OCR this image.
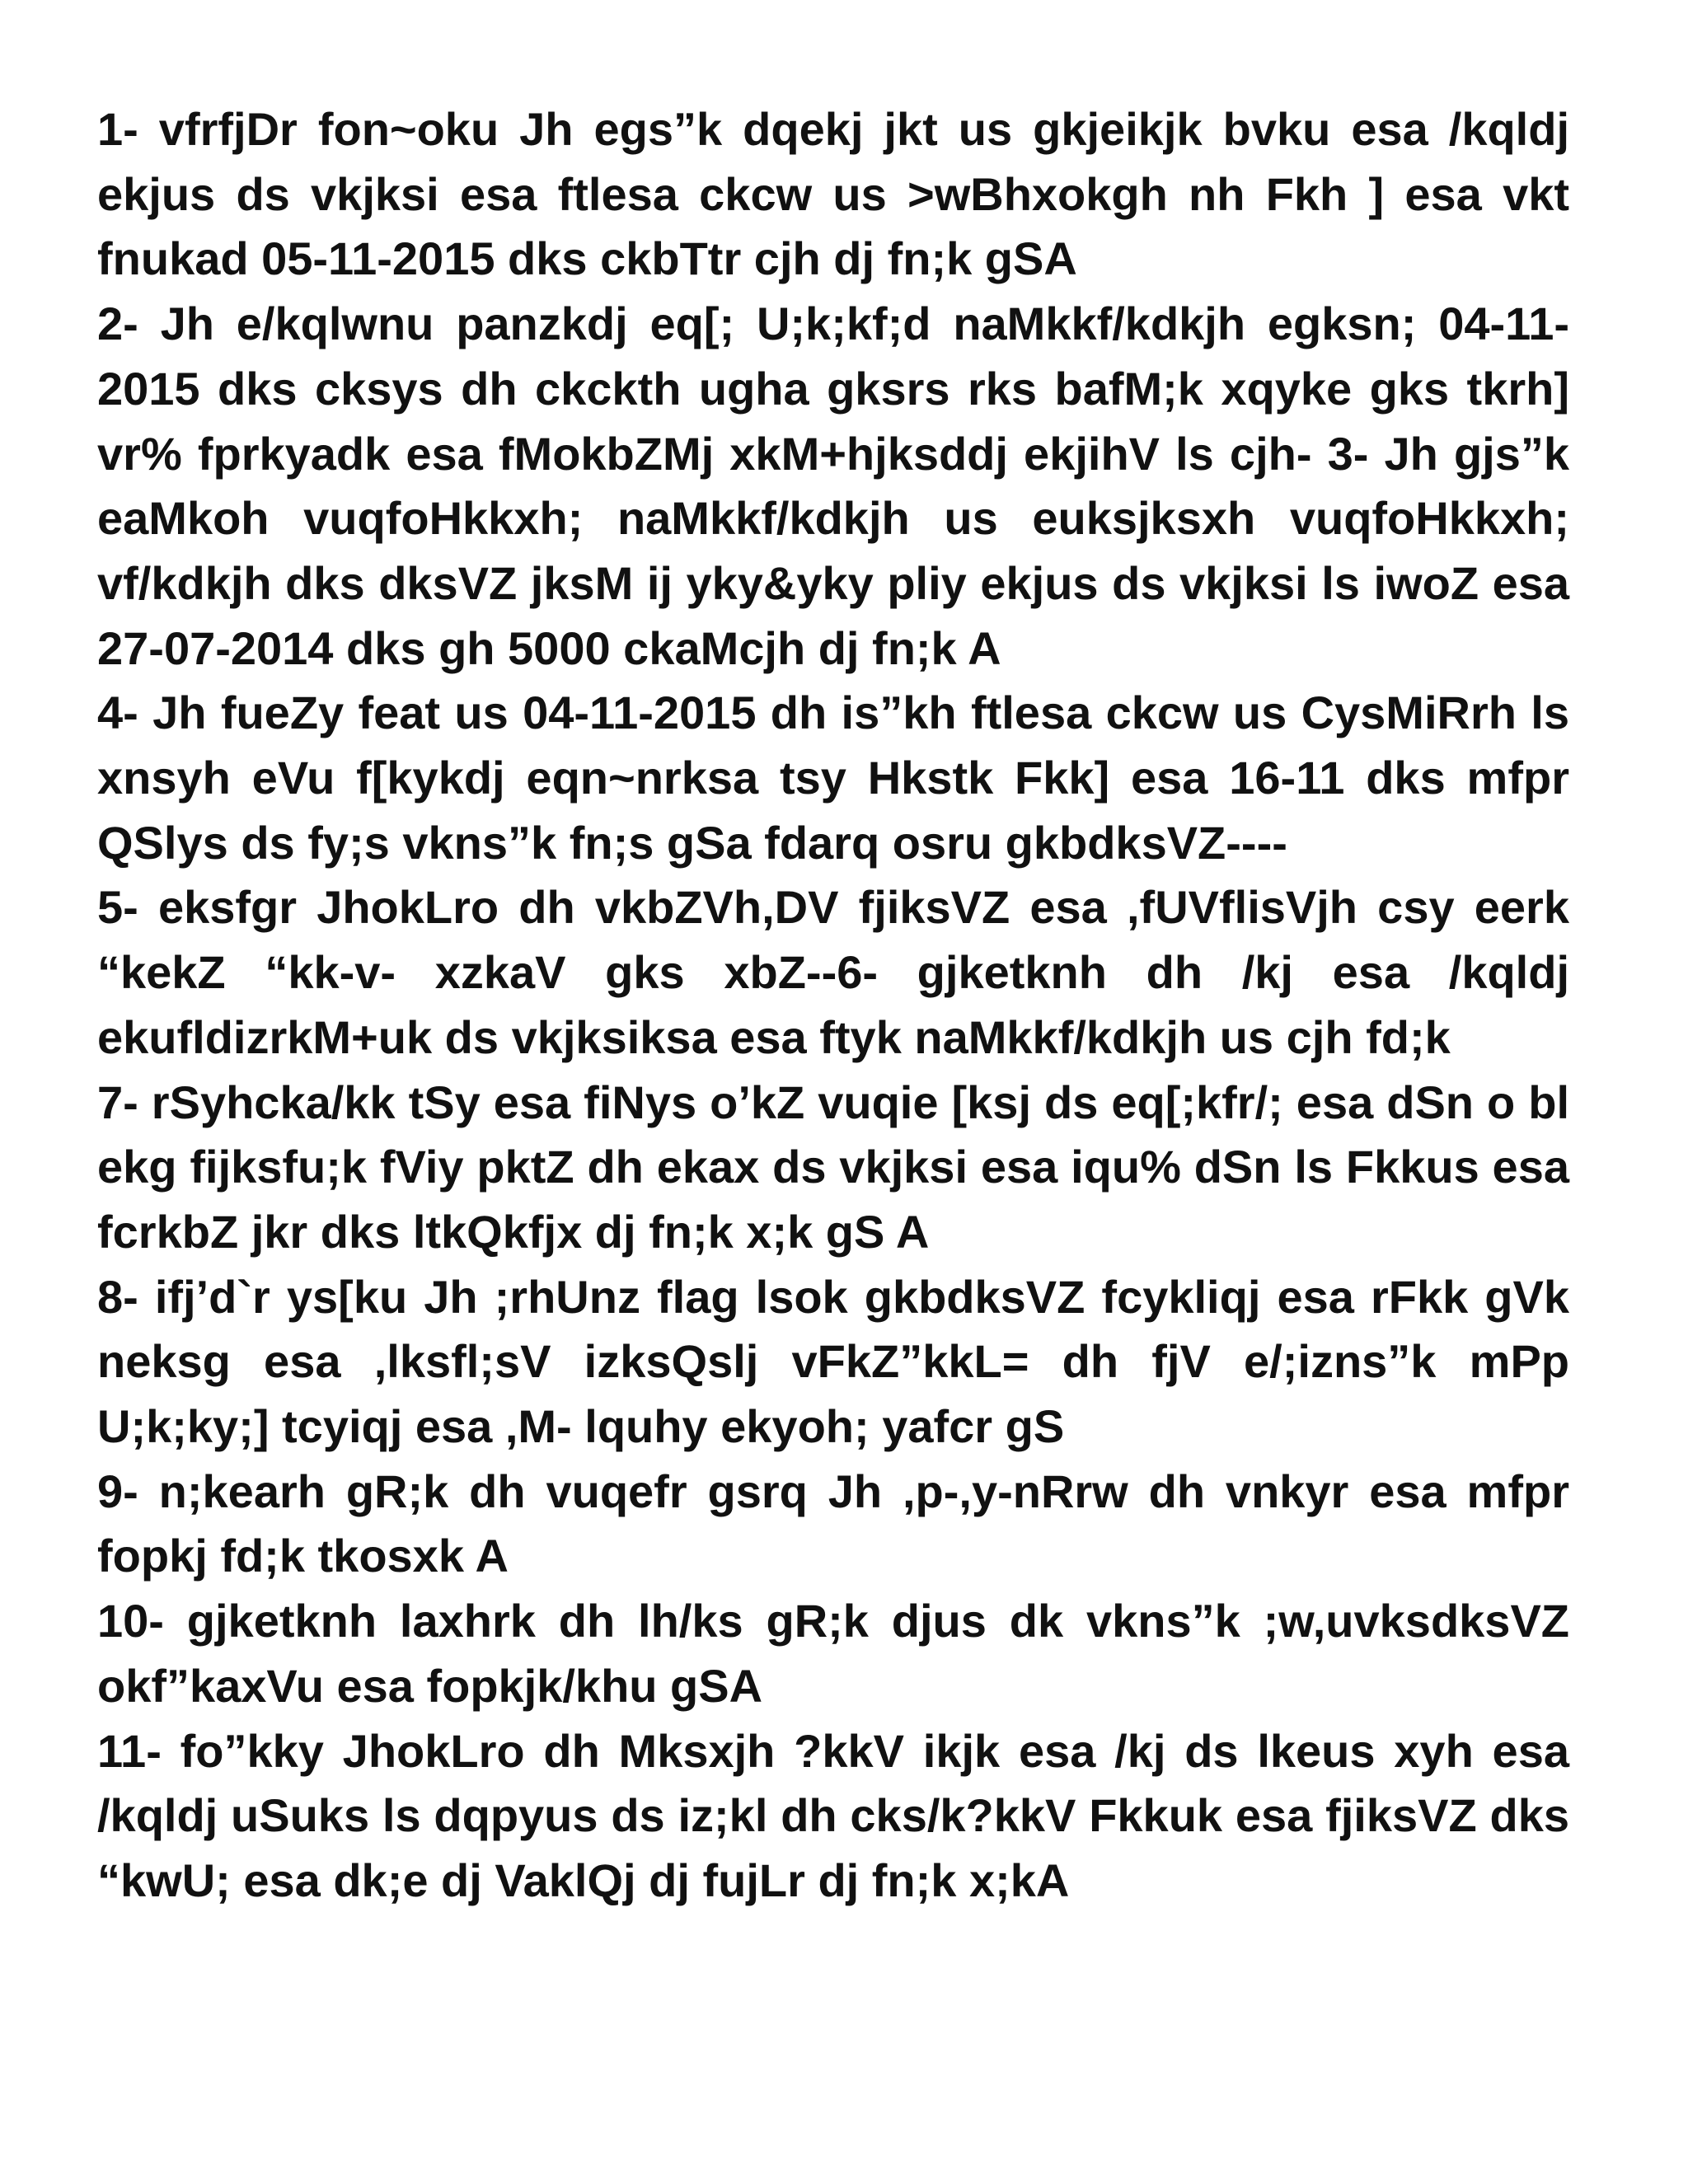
1- vfrfjDr fon~oku Jh egs”k dqekj jkt us gkjeikjk bvku esa /kqldj ekjus ds vkjksi esa ftlesa ckcw us >wBhxokgh nh Fkh ] esa vkt fnukad 05-11-2015 dks ckbTtr cjh dj fn;k gSA

2- Jh e/kqlwnu panzkdj eq[; U;k;kf;d naMkkf/kdkjh egksn; 04-11-2015 dks cksys dh ckckth ugha gksrs rks bafM;k xqyke gks tkrh] vr% fprkyadk esa fMokbZMj xkM+hjksddj ekjihV ls cjh- 3- Jh gjs”k eaMkoh vuqfoHkkxh; naMkkf/kdkjh us euksjksxh vuqfoHkkxh; vf/kdkjh dks dksVZ jksM ij yky&yky pliy ekjus ds vkjksi ls iwoZ esa 27-07-2014 dks gh 5000 ckaMcjh dj fn;k A

4- Jh fueZy feat us 04-11-2015 dh is”kh ftlesa ckcw us CysMiRrh ls xnsyh eVu f[kykdj eqn~nrksa tsy Hkstk Fkk] esa 16-11 dks mfpr QSlys ds fy;s vkns”k fn;s gSa fdarq osru gkbdksVZ----

5- eksfgr JhokLro dh vkbZVh,DV fjiksVZ esa ,fUVflisVjh csy eerk “kekZ “kk-v- xzkaV gks xbZ--6- gjketknh dh /kj esa /kqldj ekufldizrkM+uk ds vkjksiksa esa ftyk naMkkf/kdkjh us cjh fd;k

7- rSyhcka/kk tSy esa fiNys o’kZ vuqie [ksj ds eq[;kfr/; esa dSn o bl ekg fijksfu;k fViy pktZ dh ekax ds vkjksi esa iqu% dSn ls Fkkus esa fcrkbZ jkr dks ltkQkfjx dj fn;k x;k gS A

8- ifj’d`r ys[ku Jh ;rhUnz flag lsok gkbdksVZ fcykliqj esa rFkk gVk neksg esa ,lksfl;sV izksQslj vFkZ”kkL= dh fjV e/;izns”k mPp U;k;ky;] tcyiqj esa ,M- lquhy ekyoh; yafcr gS

9- n;kearh gR;k dh vuqefr gsrq Jh ,p-,y-nRrw dh vnkyr esa mfpr fopkj fd;k tkosxk A

10- gjketknh laxhrk dh lh/ks gR;k djus dk vkns”k ;w,uvksdksVZ okf”kaxVu esa fopkjk/khu gSA

11- fo”kky JhokLro dh Mksxjh ?kkV ikjk esa /kj ds lkeus xyh esa /kqldj uSuks ls dqpyus ds iz;kl dh cks/k?kkV Fkkuk esa fjiksVZ dks “kwU; esa dk;e dj VaklQj dj fujLr dj fn;k x;kA
